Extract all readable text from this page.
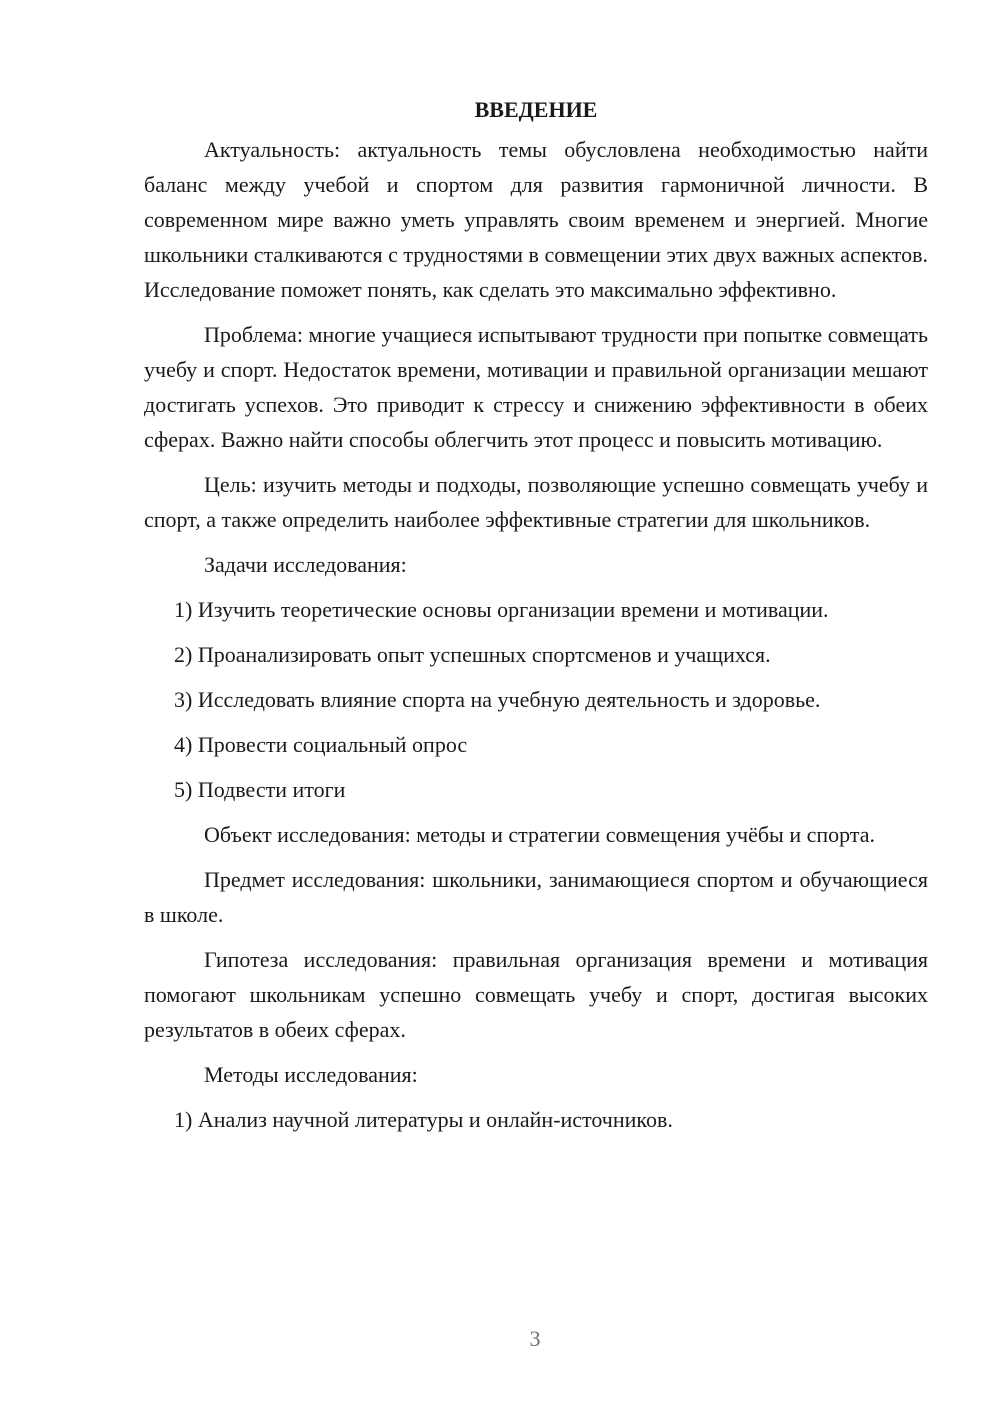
ВВЕДЕНИЕ

Актуальность: актуальность темы обусловлена необходимостью найти баланс между учебой и спортом для развития гармоничной личности. В современном мире важно уметь управлять своим временем и энергией. Многие школьники сталкиваются с трудностями в совмещении этих двух важных аспектов. Исследование поможет понять, как сделать это максимально эффективно.

Проблема: многие учащиеся испытывают трудности при попытке совмещать учебу и спорт. Недостаток времени, мотивации и правильной организации мешают достигать успехов. Это приводит к стрессу и снижению эффективности в обеих сферах. Важно найти способы облегчить этот процесс и повысить мотивацию.

Цель: изучить методы и подходы, позволяющие успешно совмещать учебу и спорт, а также определить наиболее эффективные стратегии для школьников.

Задачи исследования:

1) Изучить теоретические основы организации времени и мотивации.

2) Проанализировать опыт успешных спортсменов и учащихся.

3) Исследовать влияние спорта на учебную деятельность и здоровье.

4) Провести социальный опрос

5) Подвести итоги

Объект исследования: методы и стратегии совмещения учёбы и спорта.

Предмет исследования: школьники, занимающиеся спортом и обучающиеся в школе.

Гипотеза исследования: правильная организация времени и мотивация помогают школьникам успешно совмещать учебу и спорт, достигая высоких результатов в обеих сферах.

Методы исследования:

1) Анализ научной литературы и онлайн-источников.

3
